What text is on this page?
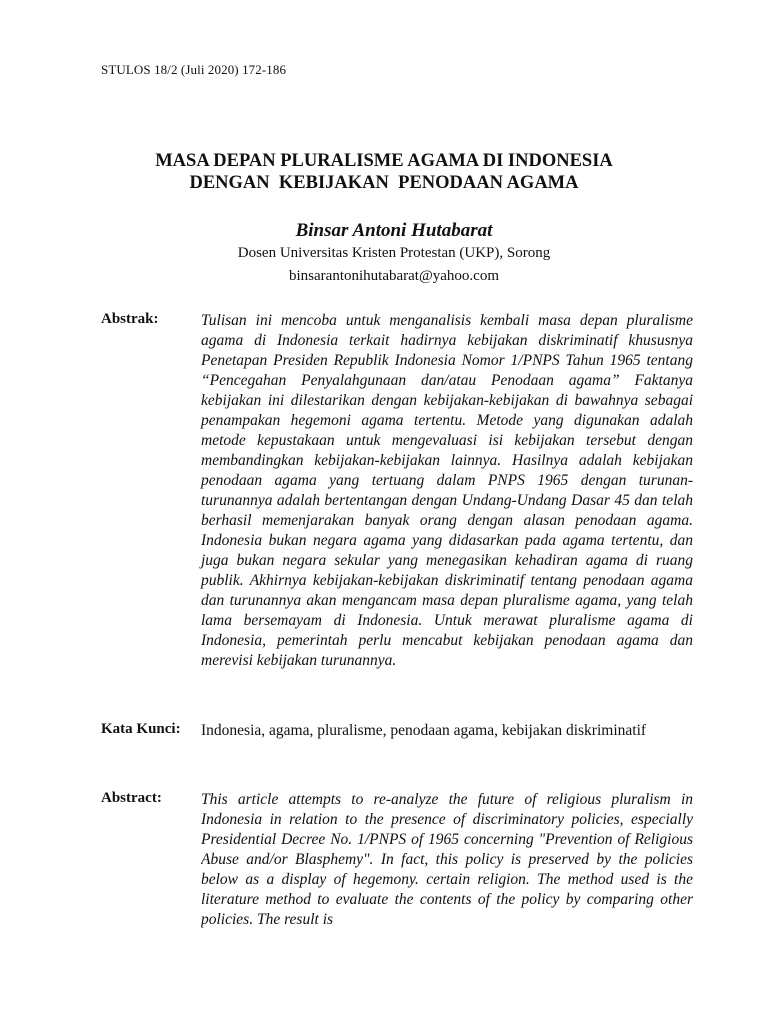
STULOS 18/2 (Juli 2020) 172-186
MASA DEPAN PLURALISME AGAMA DI INDONESIA
DENGAN  KEBIJAKAN  PENODAAN AGAMA
Binsar Antoni Hutabarat
Dosen Universitas Kristen Protestan (UKP), Sorong
binsarantonihutabarat@yahoo.com
Abstrak:	Tulisan ini mencoba untuk menganalisis kembali masa depan pluralisme agama di Indonesia terkait hadirnya kebijakan diskriminatif khususnya Penetapan Presiden Republik Indonesia Nomor 1/PNPS Tahun 1965 tentang “Pencegahan Penyalahgunaan dan/atau Penodaan agama” Faktanya kebijakan ini dilestarikan dengan kebijakan-kebijakan di bawahnya sebagai penampakan hegemoni agama tertentu. Metode yang digunakan adalah metode kepustakaan untuk mengevaluasi isi kebijakan tersebut dengan membandingkan kebijakan-kebijakan lainnya. Hasilnya adalah kebijakan penodaan agama yang tertuang dalam PNPS 1965 dengan turunan-turunannya adalah bertentangan dengan Undang-Undang Dasar 45 dan telah berhasil memenjarakan banyak orang dengan alasan penodaan agama. Indonesia bukan negara agama yang didasarkan pada agama tertentu, dan juga bukan negara sekular yang menegasikan kehadiran agama di ruang publik. Akhirnya kebijakan-kebijakan diskriminatif tentang penodaan agama dan turunannya akan mengancam masa depan pluralisme agama, yang telah lama bersemayam di Indonesia. Untuk merawat pluralisme agama di Indonesia, pemerintah perlu mencabut kebijakan penodaan agama dan merevisi kebijakan turunannya.
Kata Kunci: Indonesia, agama, pluralisme, penodaan agama, kebijakan diskriminatif
Abstract:	This article attempts to re-analyze the future of religious pluralism in Indonesia in relation to the presence of discriminatory policies, especially Presidential Decree No. 1/PNPS of 1965 concerning "Prevention of Religious Abuse and/or Blasphemy". In fact, this policy is preserved by the policies below as a display of hegemony. certain religion. The method used is the literature method to evaluate the contents of the policy by comparing other policies. The result is
